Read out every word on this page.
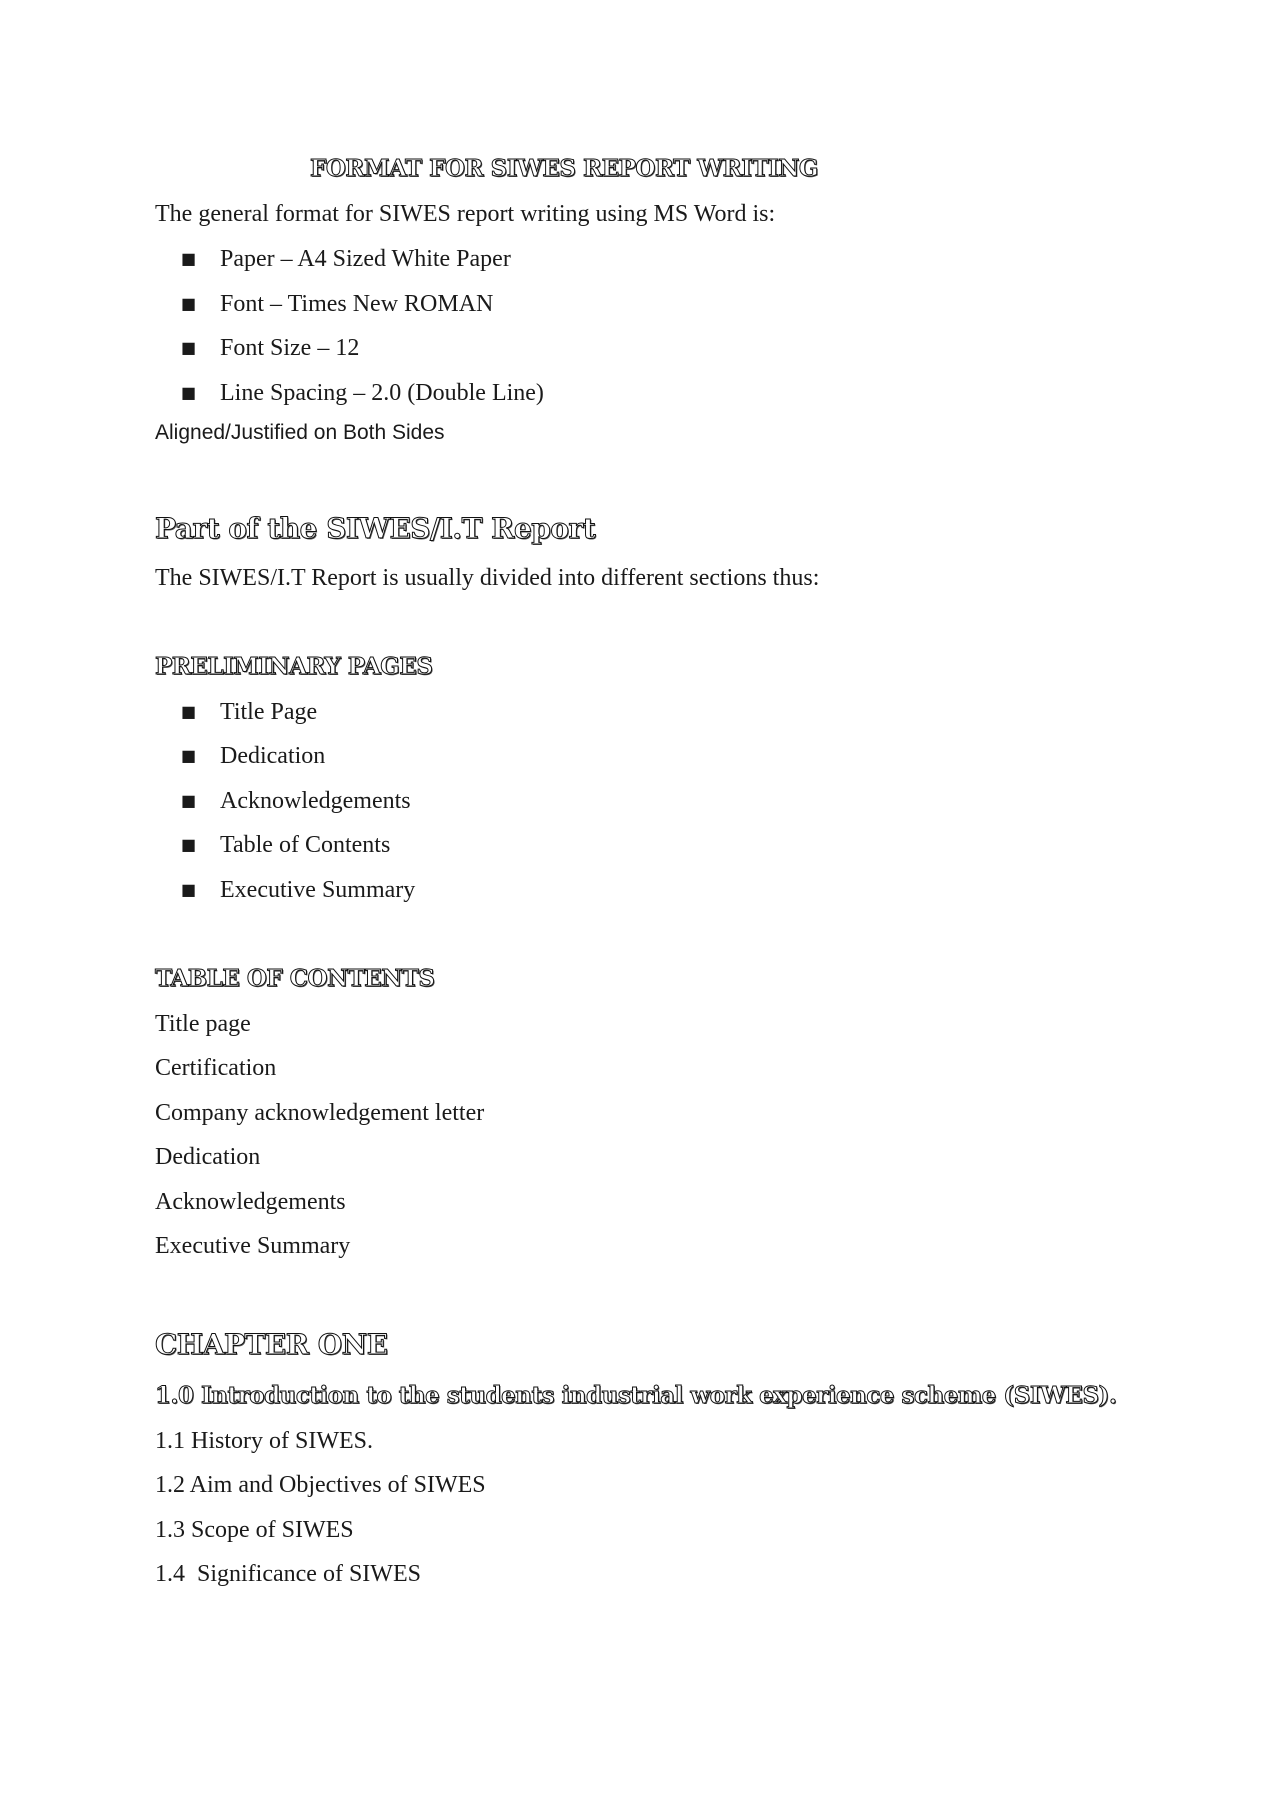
FORMAT FOR SIWES REPORT WRITING

The general format for SIWES report writing using MS Word is:

■ Paper – A4 Sized White Paper
■ Font – Times New ROMAN
■ Font Size – 12
■ Line Spacing – 2.0 (Double Line)

Aligned/Justified on Both Sides

Part of the SIWES/I.T Report

The SIWES/I.T Report is usually divided into different sections thus:

PRELIMINARY PAGES
■ Title Page
■ Dedication
■ Acknowledgements
■ Table of Contents
■ Executive Summary
TABLE OF CONTENTS

Title page

Certification

Company acknowledgement letter

Dedication

Acknowledgements

Executive Summary

CHAPTER ONE

1.0 Introduction to the students industrial work experience scheme (SIWES).

1.1 History of SIWES.

1.2 Aim and Objectives of SIWES

1.3 Scope of SIWES

1.4  Significance of SIWES
